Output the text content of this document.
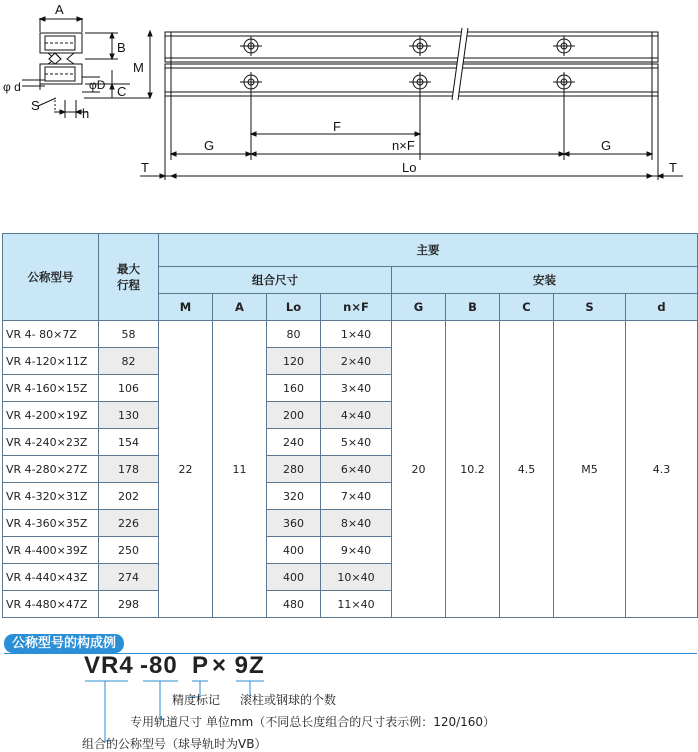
A
B
M
C
φ d	φD
S
h
F
G	n×F	G
T	Lo	T
公称型号	最大
行程	主要								
		组合尺寸				安装				
		M	A	Lo	n×F	G	B	C	S	d
VR 4- 80×7Z	58	22	11	80	1×40	20	10.2	4.5	M5	4.3
VR 4-120×11Z	82			120	2×40					
VR 4-160×15Z	106			160	3×40					
VR 4-200×19Z	130			200	4×40					
VR 4-240×23Z	154			240	5×40					
VR 4-280×27Z	178			280	6×40					
VR 4-320×31Z	202			320	7×40					
VR 4-360×35Z	226			360	8×40					
VR 4-400×39Z	250			400	9×40					
VR 4-440×43Z	274			400	10×40					
VR 4-480×47Z	298			480	11×40					
公称型号的构成例
VR4 -80 P × 9Z
精度标记 滚柱或钢球的个数
专用轨道尺寸 单位mm（不同总长度组合的尺寸表示例：120/160）
组合的公称型号（球导轨时为VB）
